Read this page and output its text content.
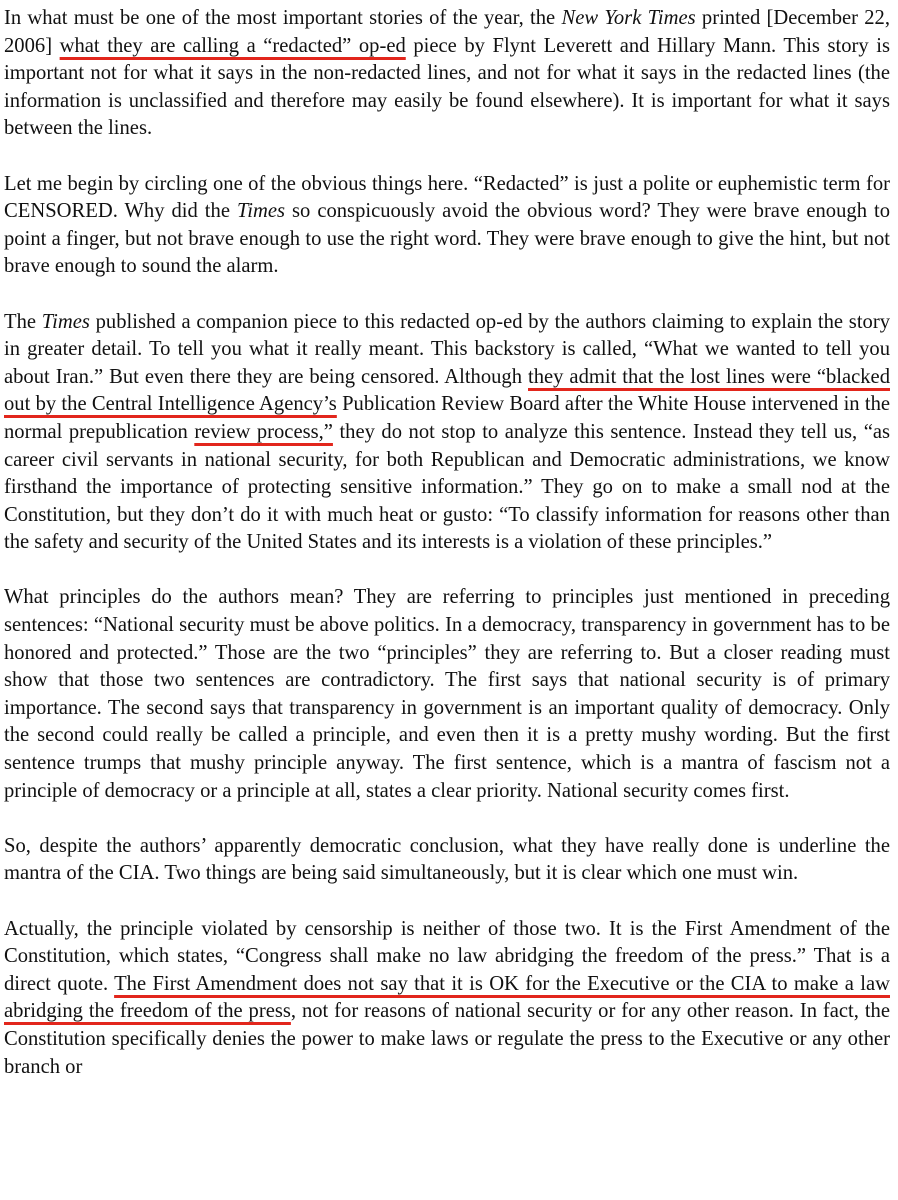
In what must be one of the most important stories of the year, the New York Times printed [December 22, 2006] what they are calling a “redacted” op-ed piece by Flynt Leverett and Hillary Mann. This story is important not for what it says in the non-redacted lines, and not for what it says in the redacted lines (the information is unclassified and therefore may easily be found elsewhere). It is important for what it says between the lines.

Let me begin by circling one of the obvious things here. “Redacted” is just a polite or euphemistic term for CENSORED. Why did the Times so conspicuously avoid the obvious word? They were brave enough to point a finger, but not brave enough to use the right word. They were brave enough to give the hint, but not brave enough to sound the alarm.

The Times published a companion piece to this redacted op-ed by the authors claiming to explain the story in greater detail. To tell you what it really meant. This backstory is called, “What we wanted to tell you about Iran.” But even there they are being censored. Although they admit that the lost lines were “blacked out by the Central Intelligence Agency’s Publication Review Board after the White House intervened in the normal prepublication review process,” they do not stop to analyze this sentence. Instead they tell us, “as career civil servants in national security, for both Republican and Democratic administrations, we know firsthand the importance of protecting sensitive information.” They go on to make a small nod at the Constitution, but they don’t do it with much heat or gusto: “To classify information for reasons other than the safety and security of the United States and its interests is a violation of these principles.”

What principles do the authors mean? They are referring to principles just mentioned in preceding sentences: “National security must be above politics. In a democracy, transparency in government has to be honored and protected.” Those are the two “principles” they are referring to. But a closer reading must show that those two sentences are contradictory. The first says that national security is of primary importance. The second says that transparency in government is an important quality of democracy. Only the second could really be called a principle, and even then it is a pretty mushy wording. But the first sentence trumps that mushy principle anyway. The first sentence, which is a mantra of fascism not a principle of democracy or a principle at all, states a clear priority. National security comes first.

So, despite the authors’ apparently democratic conclusion, what they have really done is underline the mantra of the CIA. Two things are being said simultaneously, but it is clear which one must win.

Actually, the principle violated by censorship is neither of those two. It is the First Amendment of the Constitution, which states, “Congress shall make no law abridging the freedom of the press.” That is a direct quote. The First Amendment does not say that it is OK for the Executive or the CIA to make a law abridging the freedom of the press, not for reasons of national security or for any other reason. In fact, the Constitution specifically denies the power to make laws or regulate the press to the Executive or any other branch or
